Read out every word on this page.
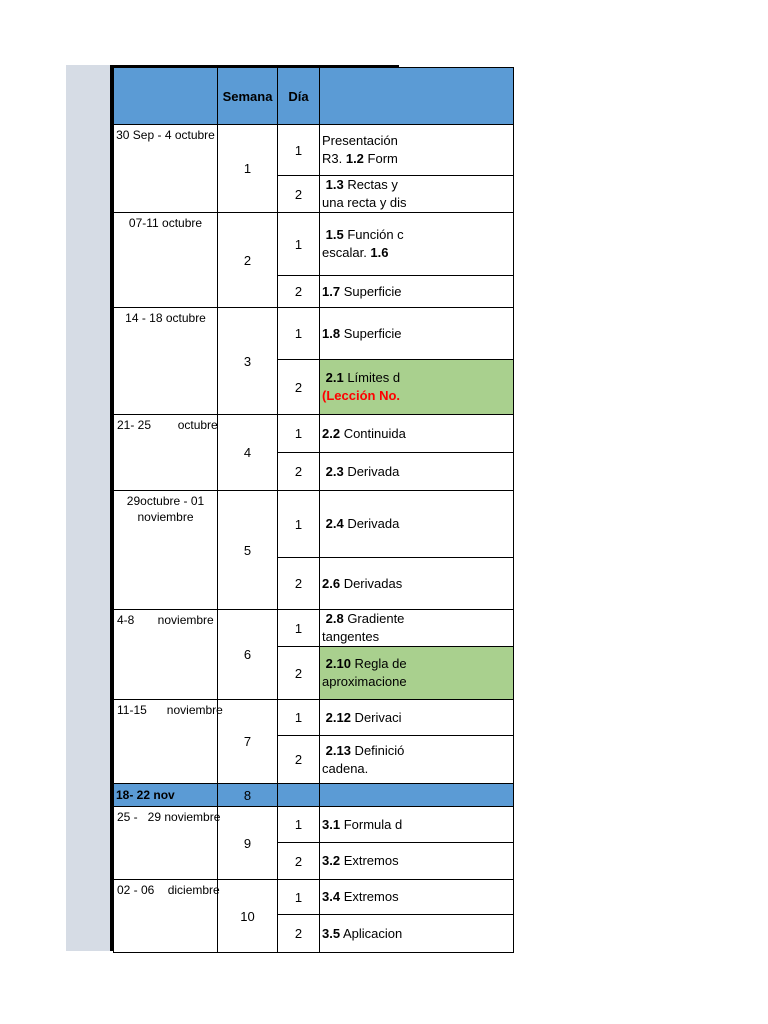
	Semana	Día	
30 Sep - 4 octubre	1	1	Presentación
R3. 1.2 Form
		2	1.3 Rectas y
una recta y dis
07-11 octubre	2	1	1.5 Función c
escalar. 1.6
		2	1.7 Superficie
14 - 18 octubre	3	1	1.8 Superficie
		2	2.1 Límites d
(Lección No.
21- 25        octubre	4	1	2.2 Continuida
		2	2.3 Derivada
29octubre - 01 noviembre	5	1	2.4 Derivada
		2	2.6 Derivadas
4-8       noviembre	6	1	2.8 Gradiente
tangentes
		2	2.10 Regla de
aproximacione
11-15      noviembre	7	1	2.12 Derivaci
		2	2.13 Definició
cadena.
18- 22 nov	8		
25 -   29 noviembre	9	1	3.1 Formula d
		2	3.2 Extremos
02 - 06    diciembre	10	1	3.4 Extremos
		2	3.5 Aplicacion
